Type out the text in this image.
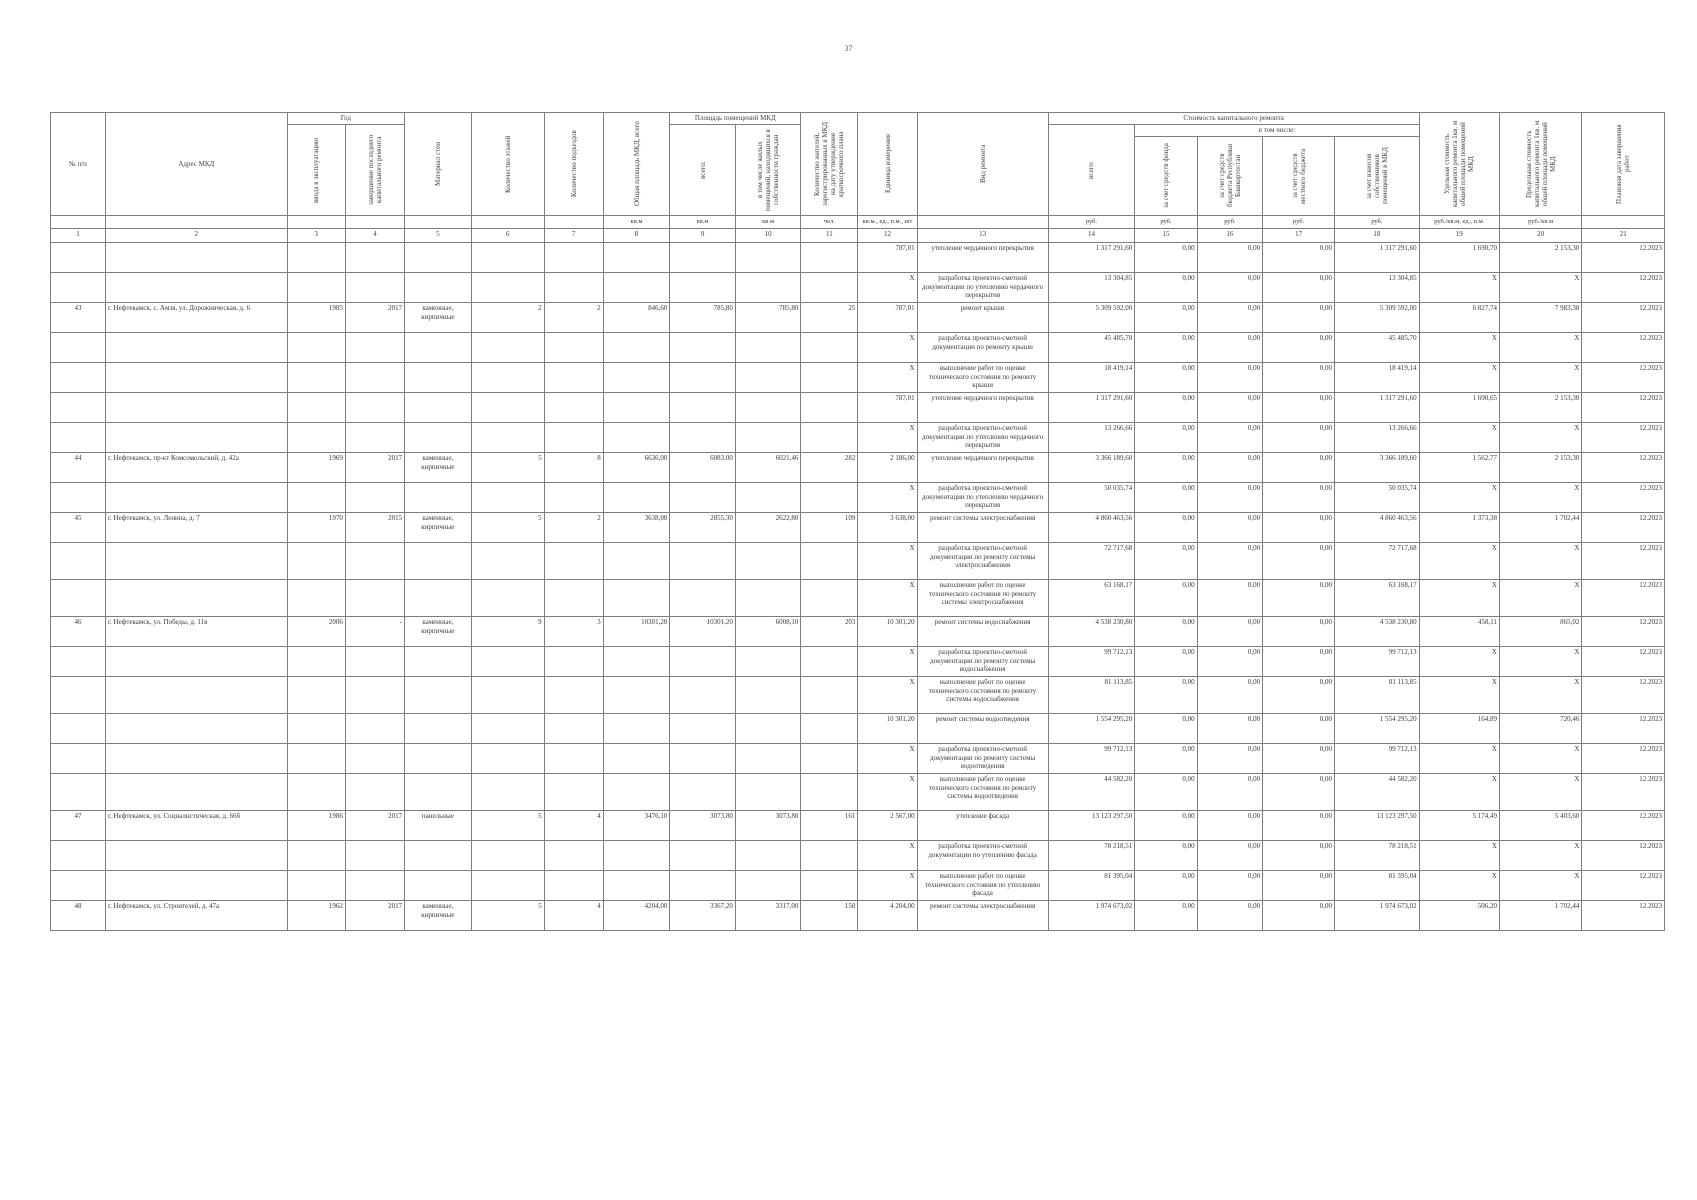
37
№ п/п	Адрес МКД	Год		Материал стен	Количество этажей	Количество подъездов	Общая площадь МКД, всего	Площадь помещений МКД		Количество жителей, зарегистрированных в МКД на дату утверждения краткосрочного плана	Единица измерения	Вид ремонта	Стоимость капитального ремонта					Удельная стоимость капитального ремонта 1кв. м общей площади помещений МКД	Предельная стоимость капитального ремонта 1кв. м общей площади помещений МКД	Плановая дата завершения работ

		ввода в эксплуатацию	завершение последнего капитального ремонта					всего:	в том числе жилых помещений, находящихся в собственности граждан				всего:	в том числе:						

														за счет средств фонда	за счет средств бюджета Республики Башкортостан	за счет средств местного бюджета	за счет взносов собственников помещений в МКД			

							кв.м	кв.м	кв.м	чел.	кв.м., ед., п.м., шт		руб.	руб.	руб.	руб.	руб.	руб./кв.м, ед., п.м.	руб./кв.м	
1	2	3	4	5	6	7	8	9	10	11	12	13	14	15	16	17	18	19	20	21
											787,01	утепление чердачного перекрытия	1 317 291,60	0,00	0,00	0,00	1 317 291,60	1 690,70	2 153,30	12.2023
											X	разработка проектно-сметной документации по утеплению чердачного перекрытия	13 304,85	0,00	0,00	0,00	13 304,85	X	X	12.2023
43	г. Нефтекамск, с. Амзя, ул. Дорожническая, д. 6	1985	2017	каменные, кирпичные	2	2	846,60	785,80	785,80	25	787,01	ремонт крыши	5 309 592,00	0,00	0,00	0,00	5 309 592,00	6 827,74	7 983,38	12.2023
											X	разработка проектно-сметной документации по ремонту крыши	45 485,70	0,00	0,00	0,00	45 485,70	X	X	12.2023
											X	выполнение работ по оценке технического состояния по ремонту крыши	18 419,14	0,00	0,00	0,00	18 419,14	X	X	12.2023
											787,01	утепление чердачного перекрытия	1 317 291,60	0,00	0,00	0,00	1 317 291,60	1 690,65	2 153,30	12.2023
											X	разработка проектно-сметной документации по утеплению чердачного перекрытия	13 266,66	0,00	0,00	0,00	13 266,66	X	X	12.2023
44	г. Нефтекамск, пр-кт Комсомольский, д. 42а	1969	2017	каменные, кирпичные	5	8	6636,00	6083,00	6021,46	282	2 186,00	утепление чердачного перекрытия	3 366 189,60	0,00	0,00	0,00	3 366 189,60	1 562,77	2 153,30	12.2023
											X	разработка проектно-сметной документации по утеплению чердачного перекрытия	50 035,74	0,00	0,00	0,00	50 035,74	X	X	12.2023
45	г. Нефтекамск, ул. Ленина, д. 7	1970	2015	каменные, кирпичные	5	2	3638,00	2855,30	2622,80	109	3 638,00	ремонт системы электроснабжения	4 860 463,56	0,00	0,00	0,00	4 860 463,56	1 373,38	1 702,44	12.2023
											X	разработка проектно-сметной документации по ремонту системы электроснабжения	72 717,68	0,00	0,00	0,00	72 717,68	X	X	12.2023
											X	выполнение работ по оценке технического состояния по ремонту системы электроснабжения	63 168,17	0,00	0,00	0,00	63 168,17	X	X	12.2023
46	г. Нефтекамск, ул. Победы, д. 11в	2006	-	каменные, кирпичные	9	3	10301,20	10301,20	6008,10	203	10 301,20	ремонт системы водоснабжения	4 538 230,80	0,00	0,00	0,00	4 538 230,80	458,11	865,02	12.2023
											X	разработка проектно-сметной документации по ремонту системы водоснабжения	99 712,13	0,00	0,00	0,00	99 712,13	X	X	12.2023
											X	выполнение работ по оценке технического состояния по ремонту системы водоснабжения	81 113,85	0,00	0,00	0,00	81 113,85	X	X	12.2023
											10 301,20	ремонт системы водоотведения	1 554 295,20	0,00	0,00	0,00	1 554 295,20	164,89	720,46	12.2023
											X	разработка проектно-сметной документации по ремонту системы водоотведения	99 712,13	0,00	0,00	0,00	99 712,13	X	X	12.2023
											X	выполнение работ по оценке технического состояния по ремонту системы водоотведения	44 582,20	0,00	0,00	0,00	44 582,20	X	X	12.2023
47	г. Нефтекамск, ул. Социалистическая, д. 66б	1986	2017	панельные	5	4	3476,10	3073,80	3073,80	161	2 567,00	утепление фасада	13 123 297,50	0,00	0,00	0,00	13 123 297,50	5 174,49	5 403,60	12.2023
											X	разработка проектно-сметной документации по утеплению фасада	78 218,51	0,00	0,00	0,00	78 218,51	X	X	12.2023
											X	выполнение работ по оценке технического состояния по утеплению фасада	81 395,04	0,00	0,00	0,00	81 395,04	X	X	12.2023
48	г. Нефтекамск, ул. Строителей, д. 47а	1962	2017	каменные, кирпичные	5	4	4204,00	3367,20	3317,00	150	4 204,00	ремонт системы электроснабжения	1 974 673,02	0,00	0,00	0,00	1 974 673,02	506,20	1 702,44	12.2023
